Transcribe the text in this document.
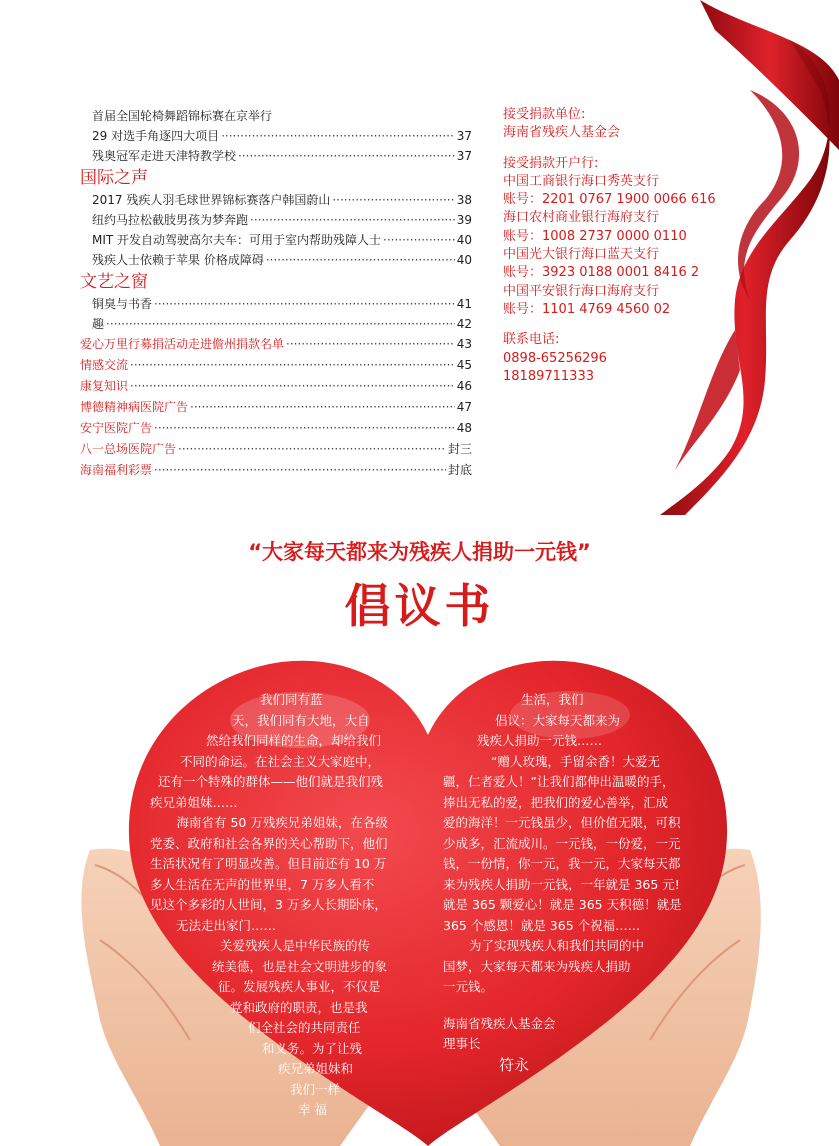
首届全国轮椅舞蹈锦标赛在京举行
29 对选手角逐四大项目 ·····	37
残奥冠军走进天津特教学校 ·····	37
国际之声
2017 残疾人羽毛球世界锦标赛落户韩国蔚山 ·····	38
纽约马拉松截肢男孩为梦奔跑 ·····	39
MIT 开发自动驾驶高尔夫车：可用于室内帮助残障人士 ·····	40
残疾人士依赖于苹果 价格成障碍 ·····	40
文艺之窗
铜臭与书香 ·····	41
趣 ·····	42
爱心万里行募捐活动走进儋州捐款名单 ·····	43
情感交流 ·····	45
康复知识 ·····	46
博德精神病医院广告 ·····	47
安宁医院广告 ·····	48
八一总场医院广告 ·····	封三
海南福利彩票 ·····	封底
接受捐款单位:
海南省残疾人基金会
接受捐款开户行:
中国工商银行海口秀英支行
账号：2201 0767 1900 0066 616
海口农村商业银行海府支行
账号：1008 2737 0000 0110
中国光大银行海口蓝天支行
账号：3923 0188 0001 8416 2
中国平安银行海口海府支行
账号：1101 4769 4560 02
联系电话:
0898-65256296
18189711333
“大家每天都来为残疾人捐助一元钱”
倡议书
我们同有蓝
天，我们同有大地，大自
然给我们同样的生命，却给我们
不同的命运。在社会主义大家庭中，
还有一个特殊的群体——他们就是我们残
疾兄弟姐妹……
　海南省有 50 万残疾兄弟姐妹，在各级
党委、政府和社会各界的关心帮助下，他们
生活状况有了明显改善。但目前还有 10 万
多人生活在无声的世界里，7 万多人看不
见这个多彩的人世间，3 万多人长期卧床，
无法走出家门……
关爱残疾人是中华民族的传
统美德，也是社会文明进步的象
征。发展残疾人事业，不仅是
党和政府的职责，也是我
们全社会的共同责任
和义务。为了让残
疾兄弟姐妹和
我们一样
幸 福
生活，我们
倡议：大家每天都来为
残疾人捐助一元钱……
“赠人玫瑰，手留余香！大爱无
疆，仁者爱人！”让我们都伸出温暖的手，
捧出无私的爱，把我们的爱心善举，汇成
爱的海洋！一元钱虽少，但价值无限，可积
少成多，汇流成川。一元钱，一份爱，一元
钱，一份情，你一元，我一元，大家每天都
来为残疾人捐助一元钱，一年就是 365 元!
就是 365 颗爱心！就是 365 天积德！就是
365 个感恩！就是 365 个祝福……
为了实现残疾人和我们共同的中
国梦，大家每天都来为残疾人捐助
一元钱。
海南省残疾人基金会
理事长
符永
